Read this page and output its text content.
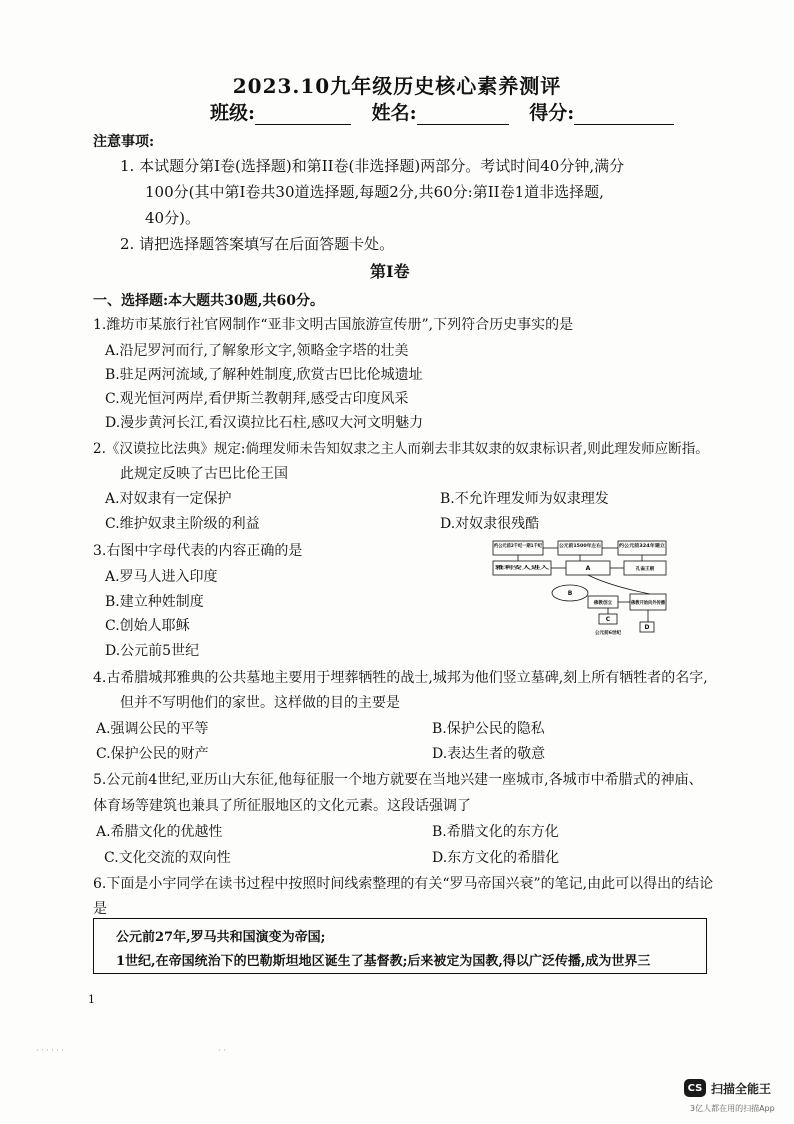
2023.10九年级历史核心素养测评
班级:	姓名:	得分:
注意事项:
1. 本试题分第Ⅰ卷(选择题)和第II卷(非选择题)两部分。考试时间40分钟,满分
100分(其中第Ⅰ卷共30道选择题,每题2分,共60分:第II卷1道非选择题,
40分)。
2. 请把选择题答案填写在后面答题卡处。
第Ⅰ卷
一、选择题:本大题共30题,共60分。
1.潍坊市某旅行社官网制作“亚非文明古国旅游宣传册”,下列符合历史事实的是
A.沿尼罗河而行,了解象形文字,领略金字塔的壮美
B.驻足两河流域,了解种姓制度,欣赏古巴比伦城遗址
C.观光恒河两岸,看伊斯兰教朝拜,感受古印度风采
D.漫步黄河长江,看汉谟拉比石柱,感叹大河文明魅力
2.《汉谟拉比法典》规定:倘理发师未告知奴隶之主人而剃去非其奴隶的奴隶标识者,则此理发师应断指。
此规定反映了古巴比伦王国
A.对奴隶有一定保护	B.不允许理发师为奴隶理发
C.维护奴隶主阶级的利益	D.对奴隶很残酷
3.右图中字母代表的内容正确的是
A.罗马人进入印度
B.建立种姓制度
C.创始人耶稣
D.公元前5世纪
约公元前2千纪一期1千纪	公元前1500年左右	约公元前324年建立
雅利安人进入	A	孔雀王朝
B
佛教创立	佛教开始向外传播
C
D
公元前6世纪
4.古希腊城邦雅典的公共墓地主要用于埋葬牺牲的战士,城邦为他们竖立墓碑,刻上所有牺牲者的名字,
但并不写明他们的家世。这样做的目的主要是
A.强调公民的平等	B.保护公民的隐私
C.保护公民的财产	D.表达生者的敬意
5.公元前4世纪,亚历山大东征,他每征服一个地方就要在当地兴建一座城市,各城市中希腊式的神庙、
体育场等建筑也兼具了所征服地区的文化元素。这段话强调了
A.希腊文化的优越性	B.希腊文化的东方化
C.文化交流的双向性	D.东方文化的希腊化
6.下面是小宇同学在读书过程中按照时间线索整理的有关“罗马帝国兴衰”的笔记,由此可以得出的结论
是
公元前27年,罗马共和国演变为帝国;
1世纪,在帝国统治下的巴勒斯坦地区诞生了基督教;后来被定为国教,得以广泛传播,成为世界三
1
· · · · · ·	· ·
CS 扫描全能王
3亿人都在用的扫描App
